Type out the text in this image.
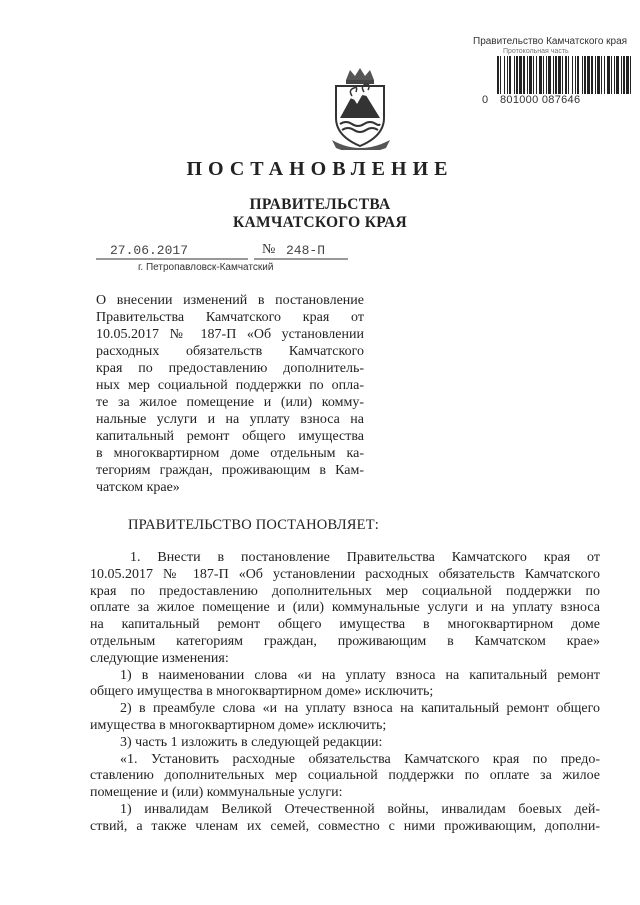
Правительство Камчатского края
Протокольная часть
0 801000 087646
ПОСТАНОВЛЕНИЕ
ПРАВИТЕЛЬСТВА
КАМЧАТСКОГО КРАЯ
27.06.2017	№ 248-П
г. Петропавловск-Камчатский
О внесении изменений в постановление
Правительства Камчатского края от
10.05.2017 № 187-П «Об установлении
расходных обязательств Камчатского
края по предоставлению дополнитель-
ных мер социальной поддержки по опла-
те за жилое помещение и (или) комму-
нальные услуги и на уплату взноса на
капитальный ремонт общего имущества
в многоквартирном доме отдельным ка-
тегориям граждан, проживающим в Кам-
чатском крае»
ПРАВИТЕЛЬСТВО ПОСТАНОВЛЯЕТ:
1. Внести в постановление Правительства Камчатского края от
10.05.2017 № 187-П «Об установлении расходных обязательств Камчатского
края по предоставлению дополнительных мер социальной поддержки по
оплате за жилое помещение и (или) коммунальные услуги и на уплату взноса
на капитальный ремонт общего имущества в многоквартирном доме
отдельным категориям граждан, проживающим в Камчатском крае»
следующие изменения:
1) в наименовании слова «и на уплату взноса на капитальный ремонт
общего имущества в многоквартирном доме» исключить;
2) в преамбуле слова «и на уплату взноса на капитальный ремонт общего
имущества в многоквартирном доме» исключить;
3) часть 1 изложить в следующей редакции:
«1. Установить расходные обязательства Камчатского края по предо-
ставлению дополнительных мер социальной поддержки по оплате за жилое
помещение и (или) коммунальные услуги:
1) инвалидам Великой Отечественной войны, инвалидам боевых дей-
ствий, а также членам их семей, совместно с ними проживающим, дополни-
